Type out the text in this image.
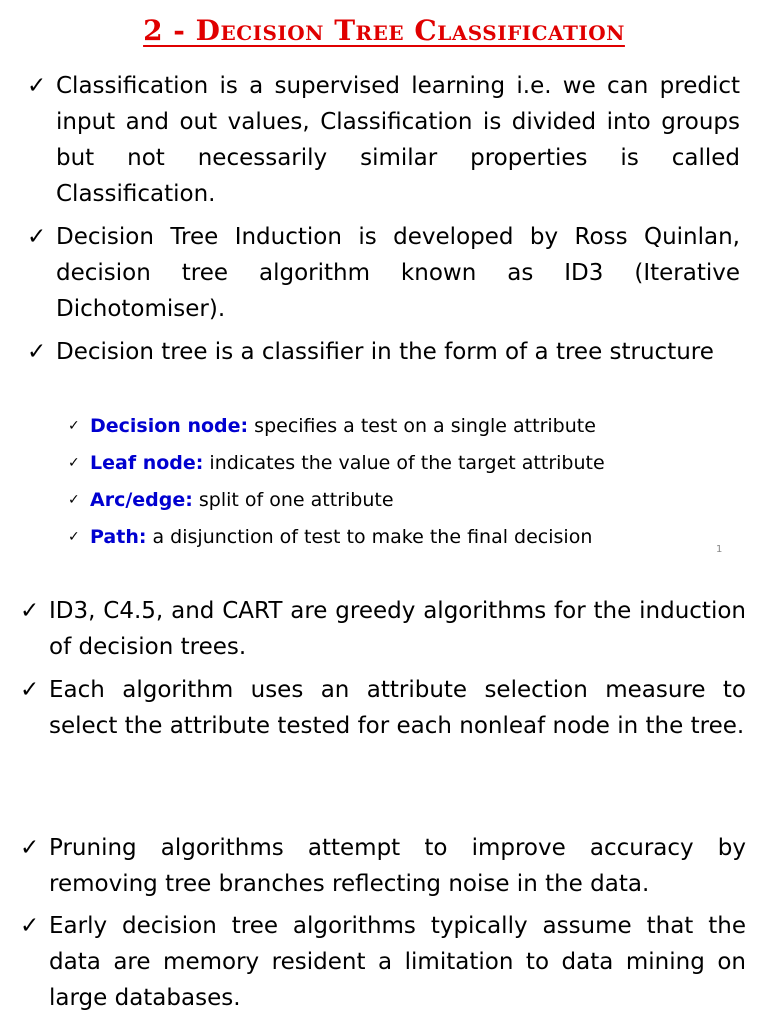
2 - Decision Tree Classification
✓ Classification is a supervised learning i.e. we can predict input and out values, Classification is divided into groups but not necessarily similar properties is called Classification.
✓ Decision Tree Induction is developed by Ross Quinlan, decision tree algorithm known as ID3 (Iterative Dichotomiser).
✓ Decision tree is a classifier in the form of a tree structure
✓ Decision node: specifies a test on a single attribute
✓ Leaf node: indicates the value of the target attribute
✓ Arc/edge: split of one attribute
✓ Path: a disjunction of test to make the final decision
1
✓ ID3, C4.5, and CART are greedy algorithms for the induction of decision trees.
✓ Each algorithm uses an attribute selection measure to select the attribute tested for each nonleaf node in the tree.
✓ Pruning algorithms attempt to improve accuracy by removing tree branches reflecting noise in the data.
✓ Early decision tree algorithms typically assume that the data are memory resident a limitation to data mining on large databases.
